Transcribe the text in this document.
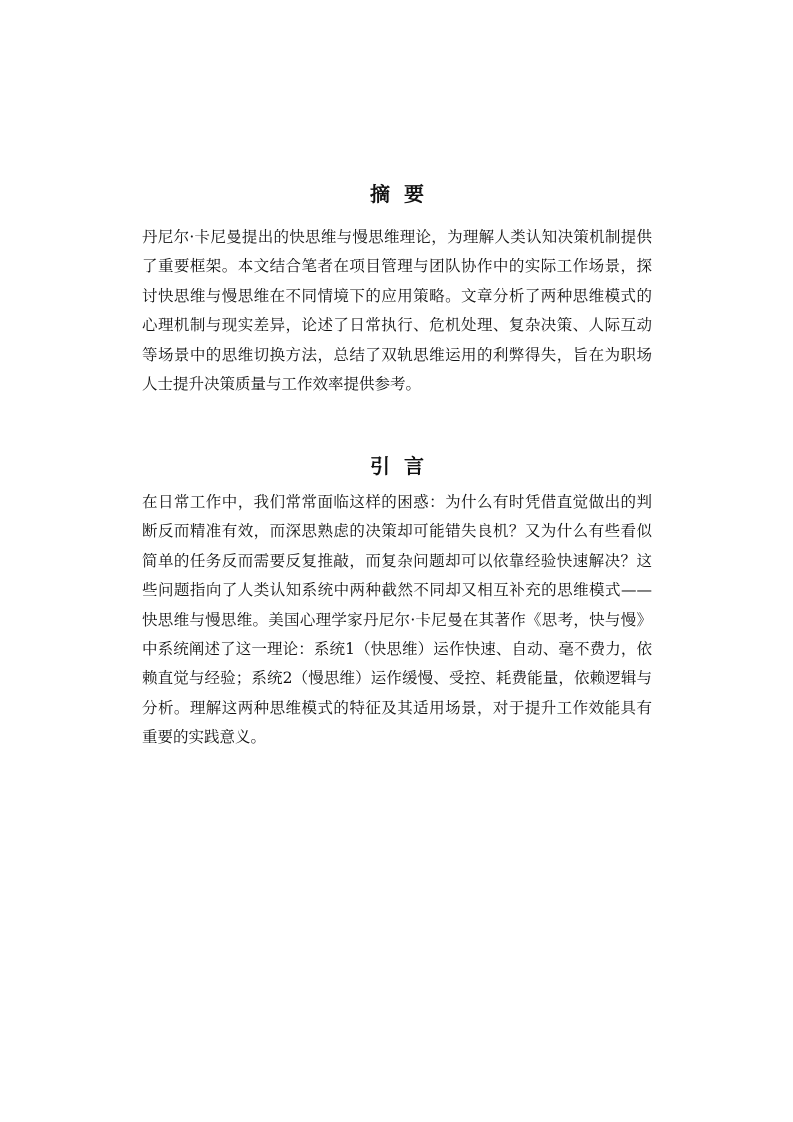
摘要

丹尼尔·卡尼曼提出的快思维与慢思维理论，为理解人类认知决策机制提供了重要框架。本文结合笔者在项目管理与团队协作中的实际工作场景，探讨快思维与慢思维在不同情境下的应用策略。文章分析了两种思维模式的心理机制与现实差异，论述了日常执行、危机处理、复杂决策、人际互动等场景中的思维切换方法，总结了双轨思维运用的利弊得失，旨在为职场人士提升决策质量与工作效率提供参考。

引言

在日常工作中，我们常常面临这样的困惑：为什么有时凭借直觉做出的判断反而精准有效，而深思熟虑的决策却可能错失良机？又为什么有些看似简单的任务反而需要反复推敲，而复杂问题却可以依靠经验快速解决？这些问题指向了人类认知系统中两种截然不同却又相互补充的思维模式——快思维与慢思维。美国心理学家丹尼尔·卡尼曼在其著作《思考，快与慢》中系统阐述了这一理论：系统1（快思维）运作快速、自动、毫不费力，依赖直觉与经验；系统2（慢思维）运作缓慢、受控、耗费能量，依赖逻辑与分析。理解这两种思维模式的特征及其适用场景，对于提升工作效能具有重要的实践意义。
